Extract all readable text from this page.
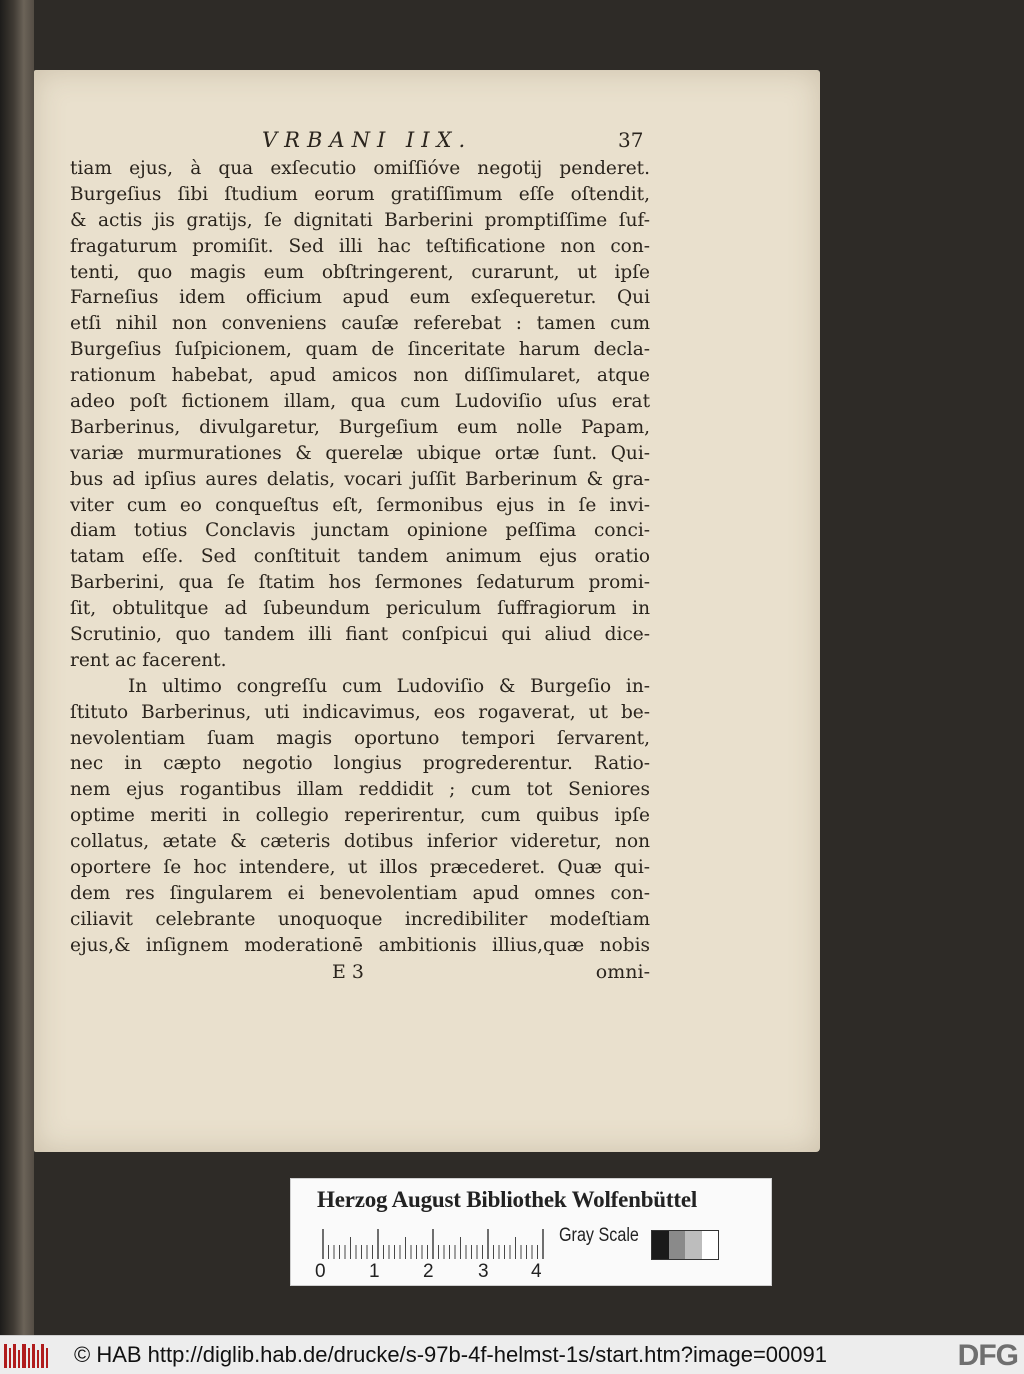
VRBANI IIX.	37
tiam ejus, à qua exſecutio omiſſióve negotij penderet.
Burgeſius ſibi ſtudium eorum gratiſſimum eſſe oſtendit,
& actis jis gratijs, ſe dignitati Barberini promptiſſime ſuf-
fragaturum promiſit. Sed illi hac teſtificatione non con-
tenti, quo magis eum obſtringerent, curarunt, ut ipſe
Farneſius idem officium apud eum exſequeretur. Qui
etſi nihil non conveniens cauſæ referebat : tamen cum
Burgeſius ſuſpicionem, quam de ſinceritate harum decla-
rationum habebat, apud amicos non diſſimularet, atque
adeo poſt fictionem illam, qua cum Ludoviſio uſus erat
Barberinus, divulgaretur, Burgeſium eum nolle Papam,
variæ murmurationes & querelæ ubique ortæ ſunt. Qui-
bus ad ipſius aures delatis, vocari juſſit Barberinum & gra-
viter cum eo conqueſtus eſt, ſermonibus ejus in ſe invi-
diam totius Conclavis junctam opinione peſſima conci-
tatam eſſe. Sed conſtituit tandem animum ejus oratio
Barberini, qua ſe ſtatim hos ſermones ſedaturum promi-
ſit, obtulitque ad ſubeundum periculum ſuffragiorum in
Scrutinio, quo tandem illi fiant conſpicui qui aliud dice-
rent ac facerent.
In ultimo congreſſu cum Ludoviſio & Burgeſio in-
ſtituto Barberinus, uti indicavimus, eos rogaverat, ut be-
nevolentiam ſuam magis oportuno tempori ſervarent,
nec in cæpto negotio longius progrederentur. Ratio-
nem ejus rogantibus illam reddidit ; cum tot Seniores
optime meriti in collegio reperirentur, cum quibus ipſe
collatus, ætate & cæteris dotibus inferior videretur, non
oportere ſe hoc intendere, ut illos præcederet. Quæ qui-
dem res ſingularem ei benevolentiam apud omnes con-
ciliavit celebrante unoquoque incredibiliter modeſtiam
ejus,& inſignem moderationē ambitionis illius,quæ nobis
E 3	omni-
Herzog August Bibliothek Wolfenbüttel
0 1 2 3 4
Gray Scale
© HAB http://diglib.hab.de/drucke/s-97b-4f-helmst-1s/start.htm?image=00091	DFG
